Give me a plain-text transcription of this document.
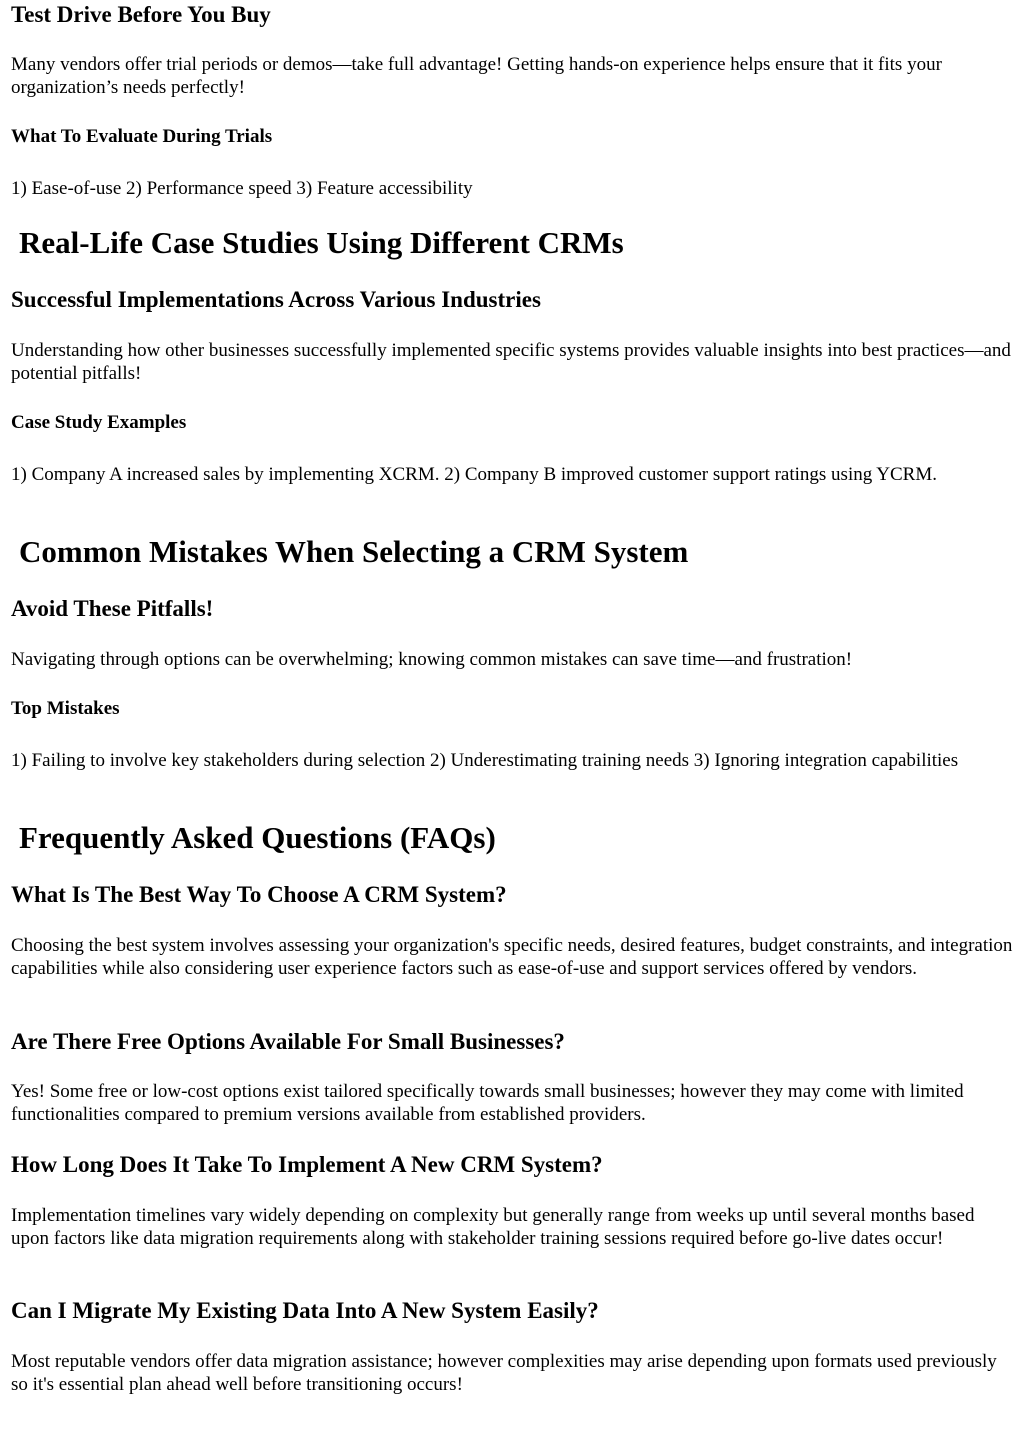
Test Drive Before You Buy

Many vendors offer trial periods or demos—take full advantage! Getting hands-on experience helps ensure that it fits your organization’s needs perfectly!

What To Evaluate During Trials

1) Ease-of-use 2) Performance speed 3) Feature accessibility

Real-Life Case Studies Using Different CRMs
Successful Implementations Across Various Industries

Understanding how other businesses successfully implemented specific systems provides valuable insights into best practices—and potential pitfalls!

Case Study Examples

1) Company A increased sales by implementing XCRM. 2) Company B improved customer support ratings using YCRM.

Common Mistakes When Selecting a CRM System
Avoid These Pitfalls!

Navigating through options can be overwhelming; knowing common mistakes can save time—and frustration!

Top Mistakes

1) Failing to involve key stakeholders during selection 2) Underestimating training needs 3) Ignoring integration capabilities

Frequently Asked Questions (FAQs)
What Is The Best Way To Choose A CRM System?

Choosing the best system involves assessing your organization's specific needs, desired features, budget constraints, and integration capabilities while also considering user experience factors such as ease-of-use and support services offered by vendors.

Are There Free Options Available For Small Businesses?

Yes! Some free or low-cost options exist tailored specifically towards small businesses; however they may come with limited functionalities compared to premium versions available from established providers.

How Long Does It Take To Implement A New CRM System?

Implementation timelines vary widely depending on complexity but generally range from weeks up until several months based upon factors like data migration requirements along with stakeholder training sessions required before go-live dates occur!

Can I Migrate My Existing Data Into A New System Easily?

Most reputable vendors offer data migration assistance; however complexities may arise depending upon formats used previously so it's essential plan ahead well before transitioning occurs!
